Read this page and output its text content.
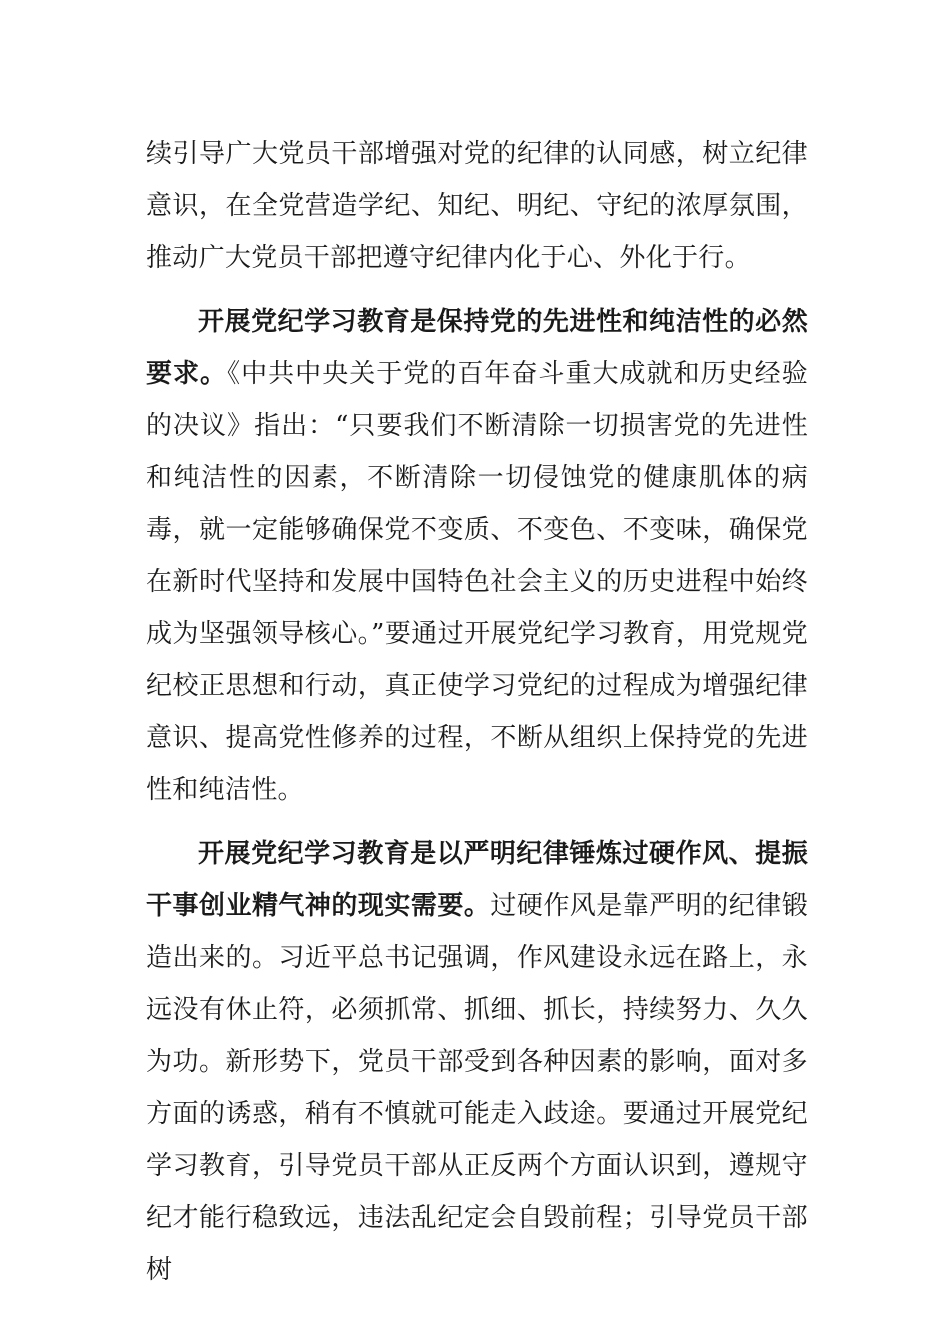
续引导广大党员干部增强对党的纪律的认同感，树立纪律意识，在全党营造学纪、知纪、明纪、守纪的浓厚氛围，推动广大党员干部把遵守纪律内化于心、外化于行。

开展党纪学习教育是保持党的先进性和纯洁性的必然要求。《中共中央关于党的百年奋斗重大成就和历史经验的决议》指出：“只要我们不断清除一切损害党的先进性和纯洁性的因素，不断清除一切侵蚀党的健康肌体的病毒，就一定能够确保党不变质、不变色、不变味，确保党在新时代坚持和发展中国特色社会主义的历史进程中始终成为坚强领导核心。”要通过开展党纪学习教育，用党规党纪校正思想和行动，真正使学习党纪的过程成为增强纪律意识、提高党性修养的过程，不断从组织上保持党的先进性和纯洁性。

开展党纪学习教育是以严明纪律锤炼过硬作风、提振干事创业精气神的现实需要。过硬作风是靠严明的纪律锻造出来的。习近平总书记强调，作风建设永远在路上，永远没有休止符，必须抓常、抓细、抓长，持续努力、久久为功。新形势下，党员干部受到各种因素的影响，面对多方面的诱惑，稍有不慎就可能走入歧途。要通过开展党纪学习教育，引导党员干部从正反两个方面认识到，遵规守纪才能行稳致远，违法乱纪定会自毁前程；引导党员干部树
